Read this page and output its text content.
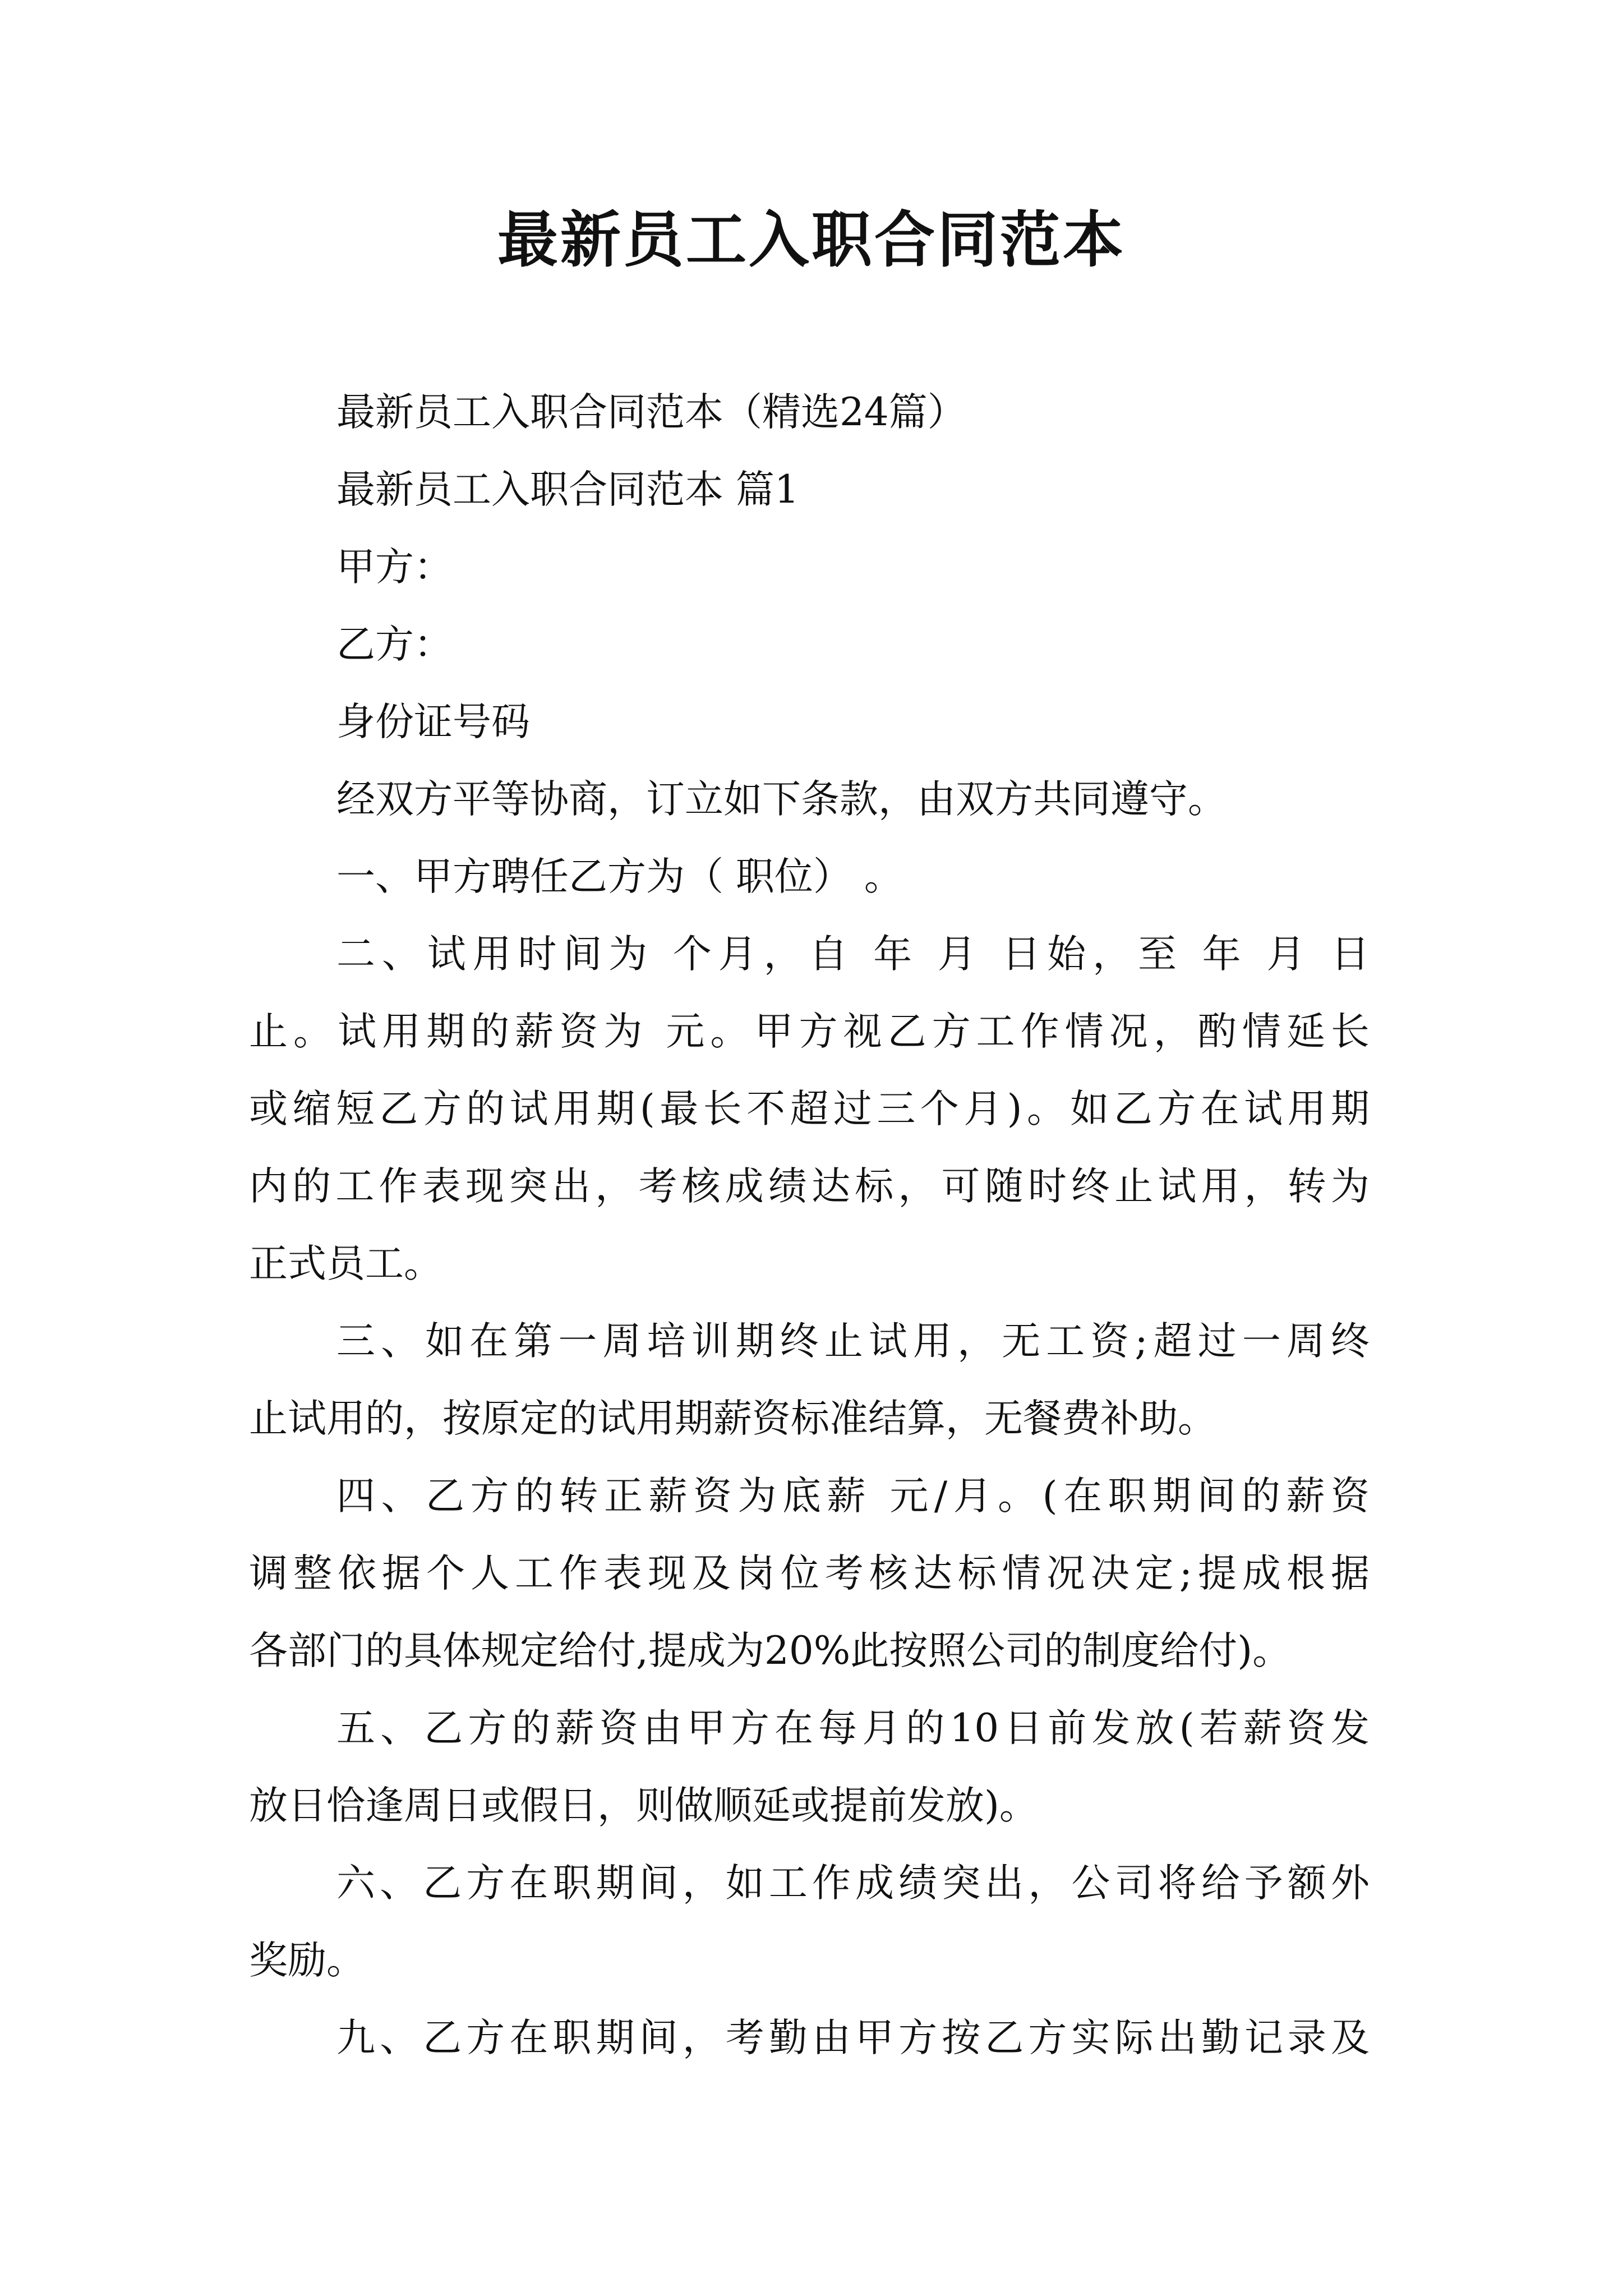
最新员工入职合同范本

最新员工入职合同范本（精选24篇）

最新员工入职合同范本 篇1

甲方：

乙方：

身份证号码

经双方平等协商，订立如下条款，由双方共同遵守。

一、甲方聘任乙方为（ 职位） 。

二、试用时间为 个月，自 年 月 日始，至 年 月 日

止。试用期的薪资为 元。甲方视乙方工作情况，酌情延长

或缩短乙方的试用期(最长不超过三个月)。如乙方在试用期

内的工作表现突出，考核成绩达标，可随时终止试用，转为

正式员工。

三、如在第一周培训期终止试用，无工资;超过一周终

止试用的，按原定的试用期薪资标准结算，无餐费补助。

四、乙方的转正薪资为底薪 元/月。(在职期间的薪资

调整依据个人工作表现及岗位考核达标情况决定;提成根据

各部门的具体规定给付,提成为20%此按照公司的制度给付)。

五、乙方的薪资由甲方在每月的10日前发放(若薪资发

放日恰逢周日或假日，则做顺延或提前发放)。

六、乙方在职期间，如工作成绩突出，公司将给予额外

奖励。

九、乙方在职期间，考勤由甲方按乙方实际出勤记录及
